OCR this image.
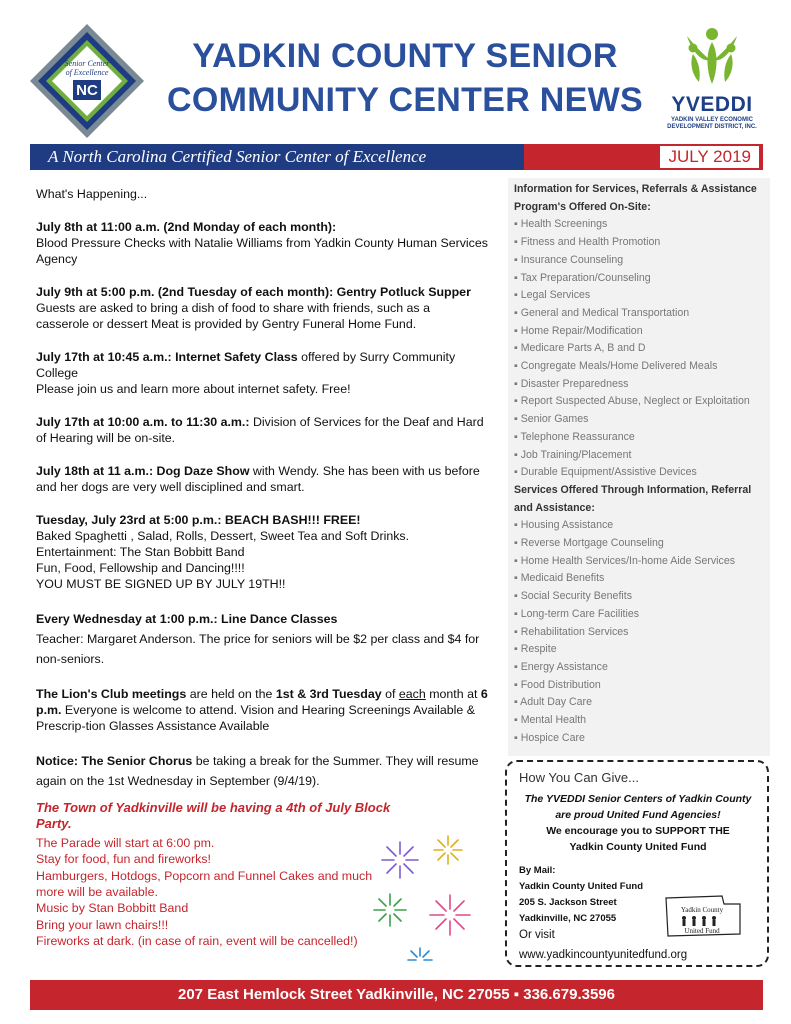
Senior Center
of Excellence
NC
YADKIN COUNTY SENIOR
COMMUNITY CENTER NEWS	YVEDDI
YADKIN VALLEY ECONOMIC DEVELOPMENT DISTRICT, INC.
A North Carolina Certified Senior Center of Excellence	JULY 2019

What's Happening...

July 8th at 11:00 a.m. (2nd Monday of each month):
Blood Pressure Checks with Natalie Williams from Yadkin County Human Services Agency

July 9th at 5:00 p.m. (2nd Tuesday of each month): Gentry Potluck Supper
Guests are asked to bring a dish of food to share with friends, such as a
casserole or dessert Meat is provided by Gentry Funeral Home Fund.

July 17th at 10:45 a.m.: Internet Safety Class offered by Surry Community College
Please join us and learn more about internet safety. Free!

July 17th at 10:00 a.m. to 11:30 a.m.: Division of Services for the Deaf and Hard of Hearing will be on-site.

July 18th at 11 a.m.: Dog Daze Show with Wendy. She has been with us before and her dogs are very well disciplined and smart.

Tuesday, July 23rd at 5:00 p.m.: BEACH BASH!!! FREE!
Baked Spaghetti , Salad, Rolls, Dessert, Sweet Tea and Soft Drinks.
Entertainment: The Stan Bobbitt Band
Fun, Food, Fellowship and Dancing!!!!
YOU MUST BE SIGNED UP BY JULY 19TH!!

Every Wednesday at 1:00 p.m.: Line Dance Classes
Teacher: Margaret Anderson. The price for seniors will be $2 per class and $4 for non-seniors.

The Lion's Club meetings are held on the 1st & 3rd Tuesday of each month at 6 p.m. Everyone is welcome to attend. Vision and Hearing Screenings Available & Prescrip-tion Glasses Assistance Available

Notice: The Senior Chorus be taking a break for the Summer. They will resume again on the 1st Wednesday in September (9/4/19).

The Town of Yadkinville will be having a 4th of July Block Party.
The Parade will start at 6:00 pm.
Stay for food, fun and fireworks!
Hamburgers, Hotdogs, Popcorn and Funnel Cakes and much
more will be available.
Music by Stan Bobbitt Band
Bring your lawn chairs!!!
Fireworks at dark. (in case of rain, event will be cancelled!)
Information for Services, Referrals & Assistance
Program's Offered On-Site:
▪ Health Screenings
▪ Fitness and Health Promotion
▪ Insurance Counseling
▪ Tax Preparation/Counseling
▪ Legal Services
▪ General and Medical Transportation
▪ Home Repair/Modification
▪ Medicare Parts A, B and D
▪ Congregate Meals/Home Delivered Meals
▪ Disaster Preparedness
▪ Report Suspected Abuse, Neglect or Exploitation
▪ Senior Games
▪ Telephone Reassurance
▪ Job Training/Placement
▪ Durable Equipment/Assistive Devices
Services Offered Through Information, Referral
and Assistance:
▪ Housing Assistance
▪ Reverse Mortgage Counseling
▪ Home Health Services/In-home Aide Services
▪ Medicaid Benefits
▪ Social Security Benefits
▪ Long-term Care Facilities
▪ Rehabilitation Services
▪ Respite
▪ Energy Assistance
▪ Food Distribution
▪ Adult Day Care
▪ Mental Health
▪ Hospice Care
How You Can Give...
The YVEDDI Senior Centers of Yadkin County
are proud United Fund Agencies!
We encourage you to SUPPORT THE
Yadkin County United Fund
By Mail:
Yadkin County United Fund
205 S. Jackson Street
Yadkinville, NC 27055
Or visit
www.yadkincountyunitedfund.org
Yadkin County
United Fund
207 East Hemlock Street Yadkinville, NC 27055 ▪ 336.679.3596
